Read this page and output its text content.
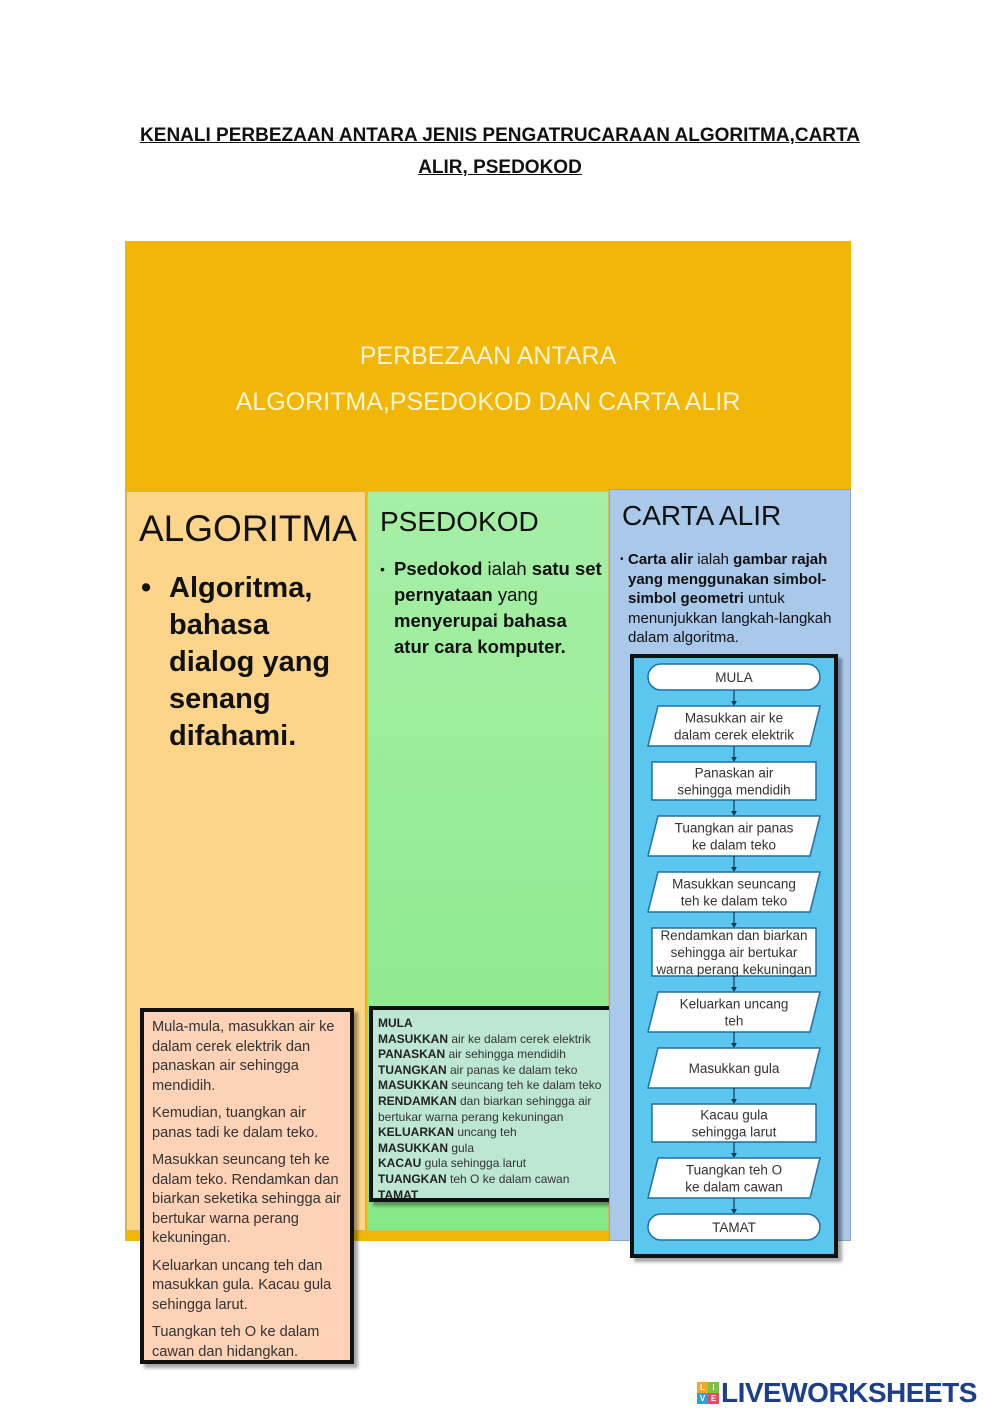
KENALI PERBEZAAN ANTARA JENIS PENGATRUCARAAN ALGORITMA,CARTA
ALIR, PSEDOKOD
PERBEZAAN ANTARA
ALGORITMA,PSEDOKOD DAN CARTA ALIR
ALGORITMA
• Algoritma, bahasa dialog yang senang difahami.

Mula-mula, masukkan air ke dalam cerek elektrik dan panaskan air sehingga mendidih.

Kemudian, tuangkan air panas tadi ke dalam teko.

Masukkan seuncang teh ke dalam teko. Rendamkan dan biarkan seketika sehingga air bertukar warna perang kekuningan.

Keluarkan uncang teh dan masukkan gula. Kacau gula sehingga larut.

Tuangkan teh O ke dalam cawan dan hidangkan.

PSEDOKOD
• Psedokod ialah satu set pernyataan yang menyerupai bahasa atur cara komputer.
MULA
MASUKKAN air ke dalam cerek elektrik
PANASKAN air sehingga mendidih
TUANGKAN air panas ke dalam teko
MASUKKAN seuncang teh ke dalam teko
RENDAMKAN dan biarkan sehingga air bertukar warna perang kekuningan
KELUARKAN uncang teh
MASUKKAN gula
KACAU gula sehingga larut
TUANGKAN teh O ke dalam cawan
TAMAT
CARTA ALIR
• Carta alir ialah gambar rajah yang menggunakan simbol-simbol geometri untuk menunjukkan langkah-langkah dalam algoritma.
MULA
Masukkan air ke
dalam cerek elektrik
Panaskan air
sehingga mendidih
Tuangkan air panas
ke dalam teko
Masukkan seuncang
teh ke dalam teko
Rendamkan dan biarkan
sehingga air bertukar
warna perang kekuningan
Keluarkan uncang
teh
Masukkan gula
Kacau gula
sehingga larut
Tuangkan teh O
ke dalam cawan
TAMAT
L I
V E LIVEWORKSHEETS
